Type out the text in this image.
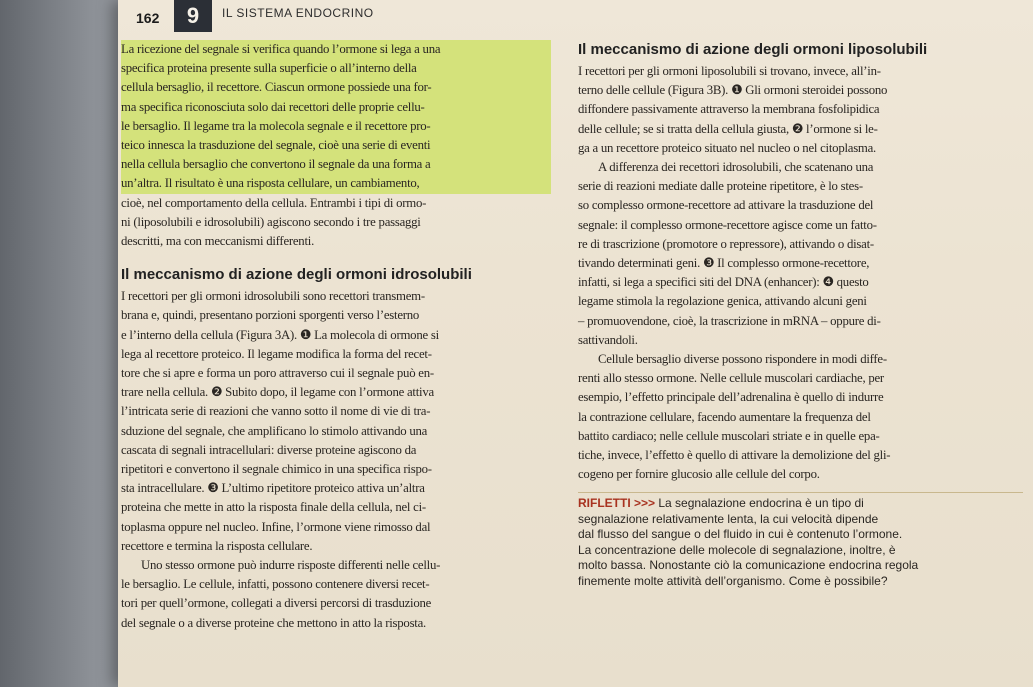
162	9	IL SISTEMA ENDOCRINO

La ricezione del segnale si verifica quando l’ormone si lega a una

specifica proteina presente sulla superficie o all’interno della

cellula bersaglio, il recettore. Ciascun ormone possiede una for-

ma specifica riconosciuta solo dai recettori delle proprie cellu-

le bersaglio. Il legame tra la molecola segnale e il recettore pro-

teico innesca la trasduzione del segnale, cioè una serie di eventi

nella cellula bersaglio che convertono il segnale da una forma a

un’altra. Il risultato è una risposta cellulare, un cambiamento,

cioè, nel comportamento della cellula. Entrambi i tipi di ormo-

ni (liposolubili e idrosolubili) agiscono secondo i tre passaggi

descritti, ma con meccanismi differenti.

Il meccanismo di azione degli ormoni idrosolubili

I recettori per gli ormoni idrosolubili sono recettori transmem-

brana e, quindi, presentano porzioni sporgenti verso l’esterno

e l’interno della cellula (Figura 3A). ❶ La molecola di ormone si

lega al recettore proteico. Il legame modifica la forma del recet-

tore che si apre e forma un poro attraverso cui il segnale può en-

trare nella cellula. ❷ Subito dopo, il legame con l’ormone attiva

l’intricata serie di reazioni che vanno sotto il nome di vie di tra-

sduzione del segnale, che amplificano lo stimolo attivando una

cascata di segnali intracellulari: diverse proteine agiscono da

ripetitori e convertono il segnale chimico in una specifica rispo-

sta intracellulare. ❸ L’ultimo ripetitore proteico attiva un’altra

proteina che mette in atto la risposta finale della cellula, nel ci-

toplasma oppure nel nucleo. Infine, l’ormone viene rimosso dal

recettore e termina la risposta cellulare.

Uno stesso ormone può indurre risposte differenti nelle cellu-

le bersaglio. Le cellule, infatti, possono contenere diversi recet-

tori per quell’ormone, collegati a diversi percorsi di trasduzione

del segnale o a diverse proteine che mettono in atto la risposta.

Il meccanismo di azione degli ormoni liposolubili

I recettori per gli ormoni liposolubili si trovano, invece, all’in-

terno delle cellule (Figura 3B). ❶ Gli ormoni steroidei possono

diffondere passivamente attraverso la membrana fosfolipidica

delle cellule; se si tratta della cellula giusta, ❷ l’ormone si le-

ga a un recettore proteico situato nel nucleo o nel citoplasma.

A differenza dei recettori idrosolubili, che scatenano una

serie di reazioni mediate dalle proteine ripetitore, è lo stes-

so complesso ormone-recettore ad attivare la trasduzione del

segnale: il complesso ormone-recettore agisce come un fatto-

re di trascrizione (promotore o repressore), attivando o disat-

tivando determinati geni. ❸ Il complesso ormone-recettore,

infatti, si lega a specifici siti del DNA (enhancer): ❹ questo

legame stimola la regolazione genica, attivando alcuni geni

– promuovendone, cioè, la trascrizione in mRNA – oppure di-

sattivandoli.

Cellule bersaglio diverse possono rispondere in modi diffe-

renti allo stesso ormone. Nelle cellule muscolari cardiache, per

esempio, l’effetto principale dell’adrenalina è quello di indurre

la contrazione cellulare, facendo aumentare la frequenza del

battito cardiaco; nelle cellule muscolari striate e in quelle epa-

tiche, invece, l’effetto è quello di attivare la demolizione del gli-

cogeno per fornire glucosio alle cellule del corpo.

RIFLETTI >>> La segnalazione endocrina è un tipo di
segnalazione relativamente lenta, la cui velocità dipende
dal flusso del sangue o del fluido in cui è contenuto l’ormone.
La concentrazione delle molecole di segnalazione, inoltre, è
molto bassa. Nonostante ciò la comunicazione endocrina regola
finemente molte attività dell’organismo. Come è possibile?
